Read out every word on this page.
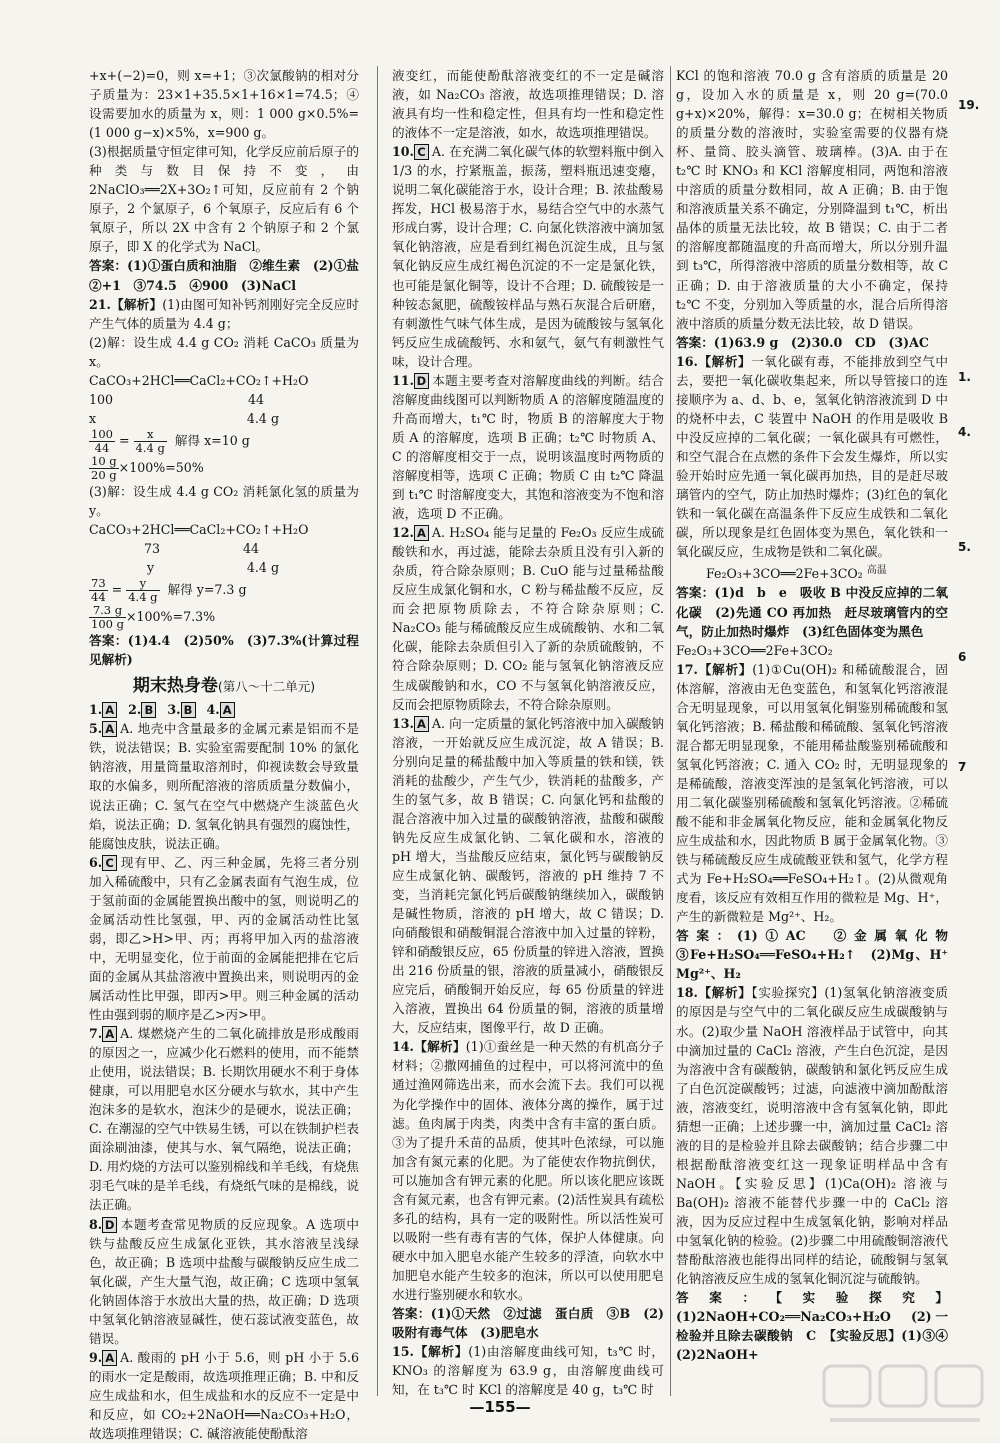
+x+(−2)=0，则 x=+1；③次氯酸钠的相对分子质量为：23×1+35.5×1+16×1=74.5；④设需要加水的质量为 x，则：1 000 g×0.5%=(1 000 g−x)×5%，x=900 g。

(3)根据质量守恒定律可知，化学反应前后原子的种类与数目保持不变，由 2NaClO₃══2X+3O₂↑可知，反应前有 2 个钠原子，2 个氯原子，6 个氧原子，反应后有 6 个氧原子，所以 2X 中含有 2 个钠原子和 2 个氯原子，即 X 的化学式为 NaCl。

答案：(1)①蛋白质和油脂　②维生素　(2)①盐　②+1　③74.5　④900　(3)NaCl

21.【解析】(1)由图可知补钙剂刚好完全反应时产生气体的质量为 4.4 g；

(2)解：设生成 4.4 g CO₂ 消耗 CaCO₃ 质量为 x。

CaCO₃+2HCl══CaCl₂+CO₂↑+H₂O

100	44
x	4.4 g

$\frac{100}{44} = \frac{x}{4.4 g}$ 解得 x=10 g

$\frac{10 g}{20 g} \times 100\%=50\%$

(3)解：设生成 4.4 g CO₂ 消耗氯化氢的质量为 y。

CaCO₃+2HCl══CaCl₂+CO₂↑+H₂O

73	44
y	4.4 g

$\frac{73}{44} = \frac{y}{4.4 g}$ 解得 y=7.3 g

$\frac{7.3 g}{100 g} \times 100\%=7.3\%$

答案：(1)4.4　(2)50%　(3)7.3%(计算过程见解析)

期末热身卷(第八～十二单元)

1. A 2. B 3. B 4. A

5. A A. 地壳中含量最多的金属元素是铝而不是铁，说法错误；B. 实验室需要配制 10% 的氯化钠溶液，用量筒量取溶剂时，仰视读数会导致量取的水偏多，则所配溶液的溶质质量分数偏小，说法正确；C. 氢气在空气中燃烧产生淡蓝色火焰，说法正确；D. 氢氧化钠具有强烈的腐蚀性，能腐蚀皮肤，说法正确。

6. C 现有甲、乙、丙三种金属，先将三者分别加入稀硫酸中，只有乙金属表面有气泡生成，位于氢前面的金属能置换出酸中的氢，则说明乙的金属活动性比氢强，甲、丙的金属活动性比氢弱，即乙>H>甲、丙；再将甲加入丙的盐溶液中，无明显变化，位于前面的金属能把排在它后面的金属从其盐溶液中置换出来，则说明丙的金属活动性比甲强，即丙>甲。则三种金属的活动性由强到弱的顺序是乙>丙>甲。

7. A A. 煤燃烧产生的二氧化硫排放是形成酸雨的原因之一，应减少化石燃料的使用，而不能禁止使用，说法错误；B. 长期饮用硬水不利于身体健康，可以用肥皂水区分硬水与软水，其中产生泡沫多的是软水，泡沫少的是硬水，说法正确；C. 在潮湿的空气中铁易生锈，可以在铁制护栏表面涂刷油漆，使其与水、氧气隔绝，说法正确；D. 用灼烧的方法可以鉴别棉线和羊毛线，有烧焦羽毛气味的是羊毛线，有烧纸气味的是棉线，说法正确。

8. D 本题考查常见物质的反应现象。A 选项中铁与盐酸反应生成氯化亚铁，其水溶液呈浅绿色，故正确；B 选项中盐酸与碳酸钠反应生成二氧化碳，产生大量气泡，故正确；C 选项中氢氧化钠固体溶于水放出大量的热，故正确；D 选项中氢氧化钠溶液显碱性，使石蕊试液变蓝色，故错误。

9. A A. 酸雨的 pH 小于 5.6，则 pH 小于 5.6 的雨水一定是酸雨，故选项推理正确；B. 中和反应生成盐和水，但生成盐和水的反应不一定是中和反应，如 CO₂+2NaOH══Na₂CO₃+H₂O，故选项推理错误；C. 碱溶液能使酚酞溶

液变红，而能使酚酞溶液变红的不一定是碱溶液，如 Na₂CO₃ 溶液，故选项推理错误；D. 溶液具有均一性和稳定性，但具有均一性和稳定性的液体不一定是溶液，如水，故选项推理错误。

10. C A. 在充满二氧化碳气体的软塑料瓶中倒入 1/3 的水，拧紧瓶盖，振荡，塑料瓶迅速变瘪，说明二氧化碳能溶于水，设计合理；B. 浓盐酸易挥发，HCl 极易溶于水，易结合空气中的水蒸气形成白雾，设计合理；C. 向氯化铁溶液中滴加氢氧化钠溶液，应是看到红褐色沉淀生成，且与氢氧化钠反应生成红褐色沉淀的不一定是氯化铁，也可能是氯化铜等，设计不合理；D. 硫酸铵是一种铵态氮肥，硫酸铵样品与熟石灰混合后研磨，有刺激性气味气体生成，是因为硫酸铵与氢氧化钙反应生成硫酸钙、水和氨气，氨气有刺激性气味，设计合理。

11. D 本题主要考查对溶解度曲线的判断。结合溶解度曲线图可以判断物质 A 的溶解度随温度的升高而增大，t₁℃ 时，物质 B 的溶解度大于物质 A 的溶解度，选项 B 正确；t₂℃ 时物质 A、C 的溶解度相交于一点，说明该温度时两物质的溶解度相等，选项 C 正确；物质 C 由 t₂℃ 降温到 t₁℃ 时溶解度变大，其饱和溶液变为不饱和溶液，选项 D 不正确。

12. A A. H₂SO₄ 能与足量的 Fe₂O₃ 反应生成硫酸铁和水，再过滤，能除去杂质且没有引入新的杂质，符合除杂原则；B. CuO 能与过量稀盐酸反应生成氯化铜和水，C 粉与稀盐酸不反应，反而会把原物质除去，不符合除杂原则；C. Na₂CO₃ 能与稀硫酸反应生成硫酸钠、水和二氧化碳，能除去杂质但引入了新的杂质硫酸钠，不符合除杂原则；D. CO₂ 能与氢氧化钠溶液反应生成碳酸钠和水，CO 不与氢氧化钠溶液反应，反而会把原物质除去，不符合除杂原则。

13. A A. 向一定质量的氯化钙溶液中加入碳酸钠溶液，一开始就反应生成沉淀，故 A 错误；B. 分别向足量的稀盐酸中加入等质量的铁和镁，铁消耗的盐酸少，产生气少，铁消耗的盐酸多，产生的氢气多，故 B 错误；C. 向氯化钙和盐酸的混合溶液中加入过量的碳酸钠溶液，盐酸和碳酸钠先反应生成氯化钠、二氧化碳和水，溶液的 pH 增大，当盐酸反应结束，氯化钙与碳酸钠反应生成氯化钠、碳酸钙，溶液的 pH 维持 7 不变，当消耗完氯化钙后碳酸钠继续加入，碳酸钠是碱性物质，溶液的 pH 增大，故 C 错误；D. 向硝酸银和硝酸铜混合溶液中加入过量的锌粉，锌和硝酸银反应，65 份质量的锌进入溶液，置换出 216 份质量的银，溶液的质量减小，硝酸银反应完后，硝酸铜开始反应，每 65 份质量的锌进入溶液，置换出 64 份质量的铜，溶液的质量增大，反应结束，图像平行，故 D 正确。

14.【解析】(1)①蚕丝是一种天然的有机高分子材料；②撒网捕鱼的过程中，可以将河流中的鱼通过渔网筛选出来，而水会流下去。我们可以视为化学操作中的固体、液体分离的操作，属于过滤。鱼肉属于肉类，肉类中含有丰富的蛋白质。③为了提升禾苗的品质，使其叶色浓绿，可以施加含有氮元素的化肥。为了能使农作物抗倒伏，可以施加含有钾元素的化肥。所以该化肥应该既含有氮元素，也含有钾元素。(2)活性炭具有疏松多孔的结构，具有一定的吸附性。所以活性炭可以吸附一些有毒有害的气体，保护人体健康。向硬水中加入肥皂水能产生较多的浮渣，向软水中加肥皂水能产生较多的泡沫，所以可以使用肥皂水进行鉴别硬水和软水。

答案：(1)①天然　②过滤　蛋白质　③B　(2)吸附有毒气体　(3)肥皂水

15.【解析】(1)由溶解度曲线可知，t₃℃ 时，KNO₃ 的溶解度为 63.9 g，由溶解度曲线可知，在 t₃℃ 时 KCl 的溶解度是 40 g，t₃℃ 时

KCl 的饱和溶液 70.0 g 含有溶质的质量是 20 g，设加入水的质量是 x，则 20 g=(70.0 g+x)×20%，解得：x=30.0 g；在树相关物质的质量分数的溶液时，实验室需要的仪器有烧杯、量筒、胶头滴管、玻璃棒。(3)A. 由于在 t₂℃ 时 KNO₃ 和 KCl 溶解度相同，两饱和溶液中溶质的质量分数相同，故 A 正确；B. 由于饱和溶液质量关系不确定，分别降温到 t₁℃，析出晶体的质量无法比较，故 B 错误；C. 由于二者的溶解度都随温度的升高而增大，所以分别升温到 t₃℃，所得溶液中溶质的质量分数相等，故 C 正确；D. 由于溶液质量的大小不确定，保持 t₂℃ 不变，分别加入等质量的水，混合后所得溶液中溶质的质量分数无法比较，故 D 错误。

答案：(1)63.9 g　(2)30.0　CD　(3)AC

16.【解析】一氧化碳有毒，不能排放到空气中去，要把一氧化碳收集起来，所以导管接口的连接顺序为 a、d、b、e，氢氧化钠溶液流到 D 中的烧杯中去，C 装置中 NaOH 的作用是吸收 B 中没反应掉的二氧化碳；一氧化碳具有可燃性，和空气混合在点燃的条件下会发生爆炸，所以实验开始时应先通一氧化碳再加热，目的是赶尽玻璃管内的空气，防止加热时爆炸；(3)红色的氧化铁和一氧化碳在高温条件下反应生成铁和二氧化碳，所以现象是红色固体变为黑色，氧化铁和一氧化碳反应，生成物是铁和二氧化碳。

Fe₂O₃+3CO══2Fe+3CO₂ $^{高温}$

答案：(1)d　b　e　吸收 B 中没反应掉的二氧化碳　(2)先通 CO 再加热　赶尽玻璃管内的空气，防止加热时爆炸　(3)红色固体变为黑色

Fe₂O₃+3CO══2Fe+3CO₂

17.【解析】(1)①Cu(OH)₂ 和稀硫酸混合，固体溶解，溶液由无色变蓝色，和氢氧化钙溶液混合无明显现象，可以用氢氧化铜鉴别稀硫酸和氢氧化钙溶液；B. 稀盐酸和稀硫酸、氢氧化钙溶液混合都无明显现象，不能用稀盐酸鉴别稀硫酸和氢氧化钙溶液；C. 通入 CO₂ 时，无明显现象的是稀硫酸，溶液变浑浊的是氢氧化钙溶液，可以用二氧化碳鉴别稀硫酸和氢氧化钙溶液。②稀硫酸不能和非金属氧化物反应，能和金属氧化物反应生成盐和水，因此物质 B 属于金属氧化物。③铁与稀硫酸反应生成硫酸亚铁和氢气，化学方程式为 Fe+H₂SO₄══FeSO₄+H₂↑。(2)从微观角度看，该反应有效相互作用的微粒是 Mg、H⁺，产生的新微粒是 Mg²⁺、H₂。

答案：(1)①AC　②金属氧化物　③Fe+H₂SO₄══FeSO₄+H₂↑　(2)Mg、H⁺　Mg²⁺、H₂

18.【解析】【实验探究】(1)氢氧化钠溶液变质的原因是与空气中的二氧化碳反应生成碳酸钠与水。(2)取少量 NaOH 溶液样品于试管中，向其中滴加过量的 CaCl₂ 溶液，产生白色沉淀，是因为溶液中含有碳酸钠，碳酸钠和氯化钙反应生成了白色沉淀碳酸钙；过滤，向滤液中滴加酚酞溶液，溶液变红，说明溶液中含有氢氧化钠，即此猜想一正确；上述步骤一中，滴加过量 CaCl₂ 溶液的目的是检验并且除去碳酸钠；结合步骤二中根据酚酞溶液变红这一现象证明样品中含有 NaOH。【实验反思】(1)Ca(OH)₂ 溶液与 Ba(OH)₂ 溶液不能替代步骤一中的 CaCl₂ 溶液，因为反应过程中生成氢氧化钠，影响对样品中氢氧化钠的检验。(2)步骤二中用硫酸铜溶液代替酚酞溶液也能得出同样的结论，硫酸铜与氢氧化钠溶液反应生成的氢氧化铜沉淀与硫酸钠。

答案：【实验探究】(1)2NaOH+CO₂══Na₂CO₃+H₂O　(2)一　检验并且除去碳酸钠　C　【实验反思】(1)③④　(2)2NaOH+

19.
1.
4.
5.
6
7
—155—
